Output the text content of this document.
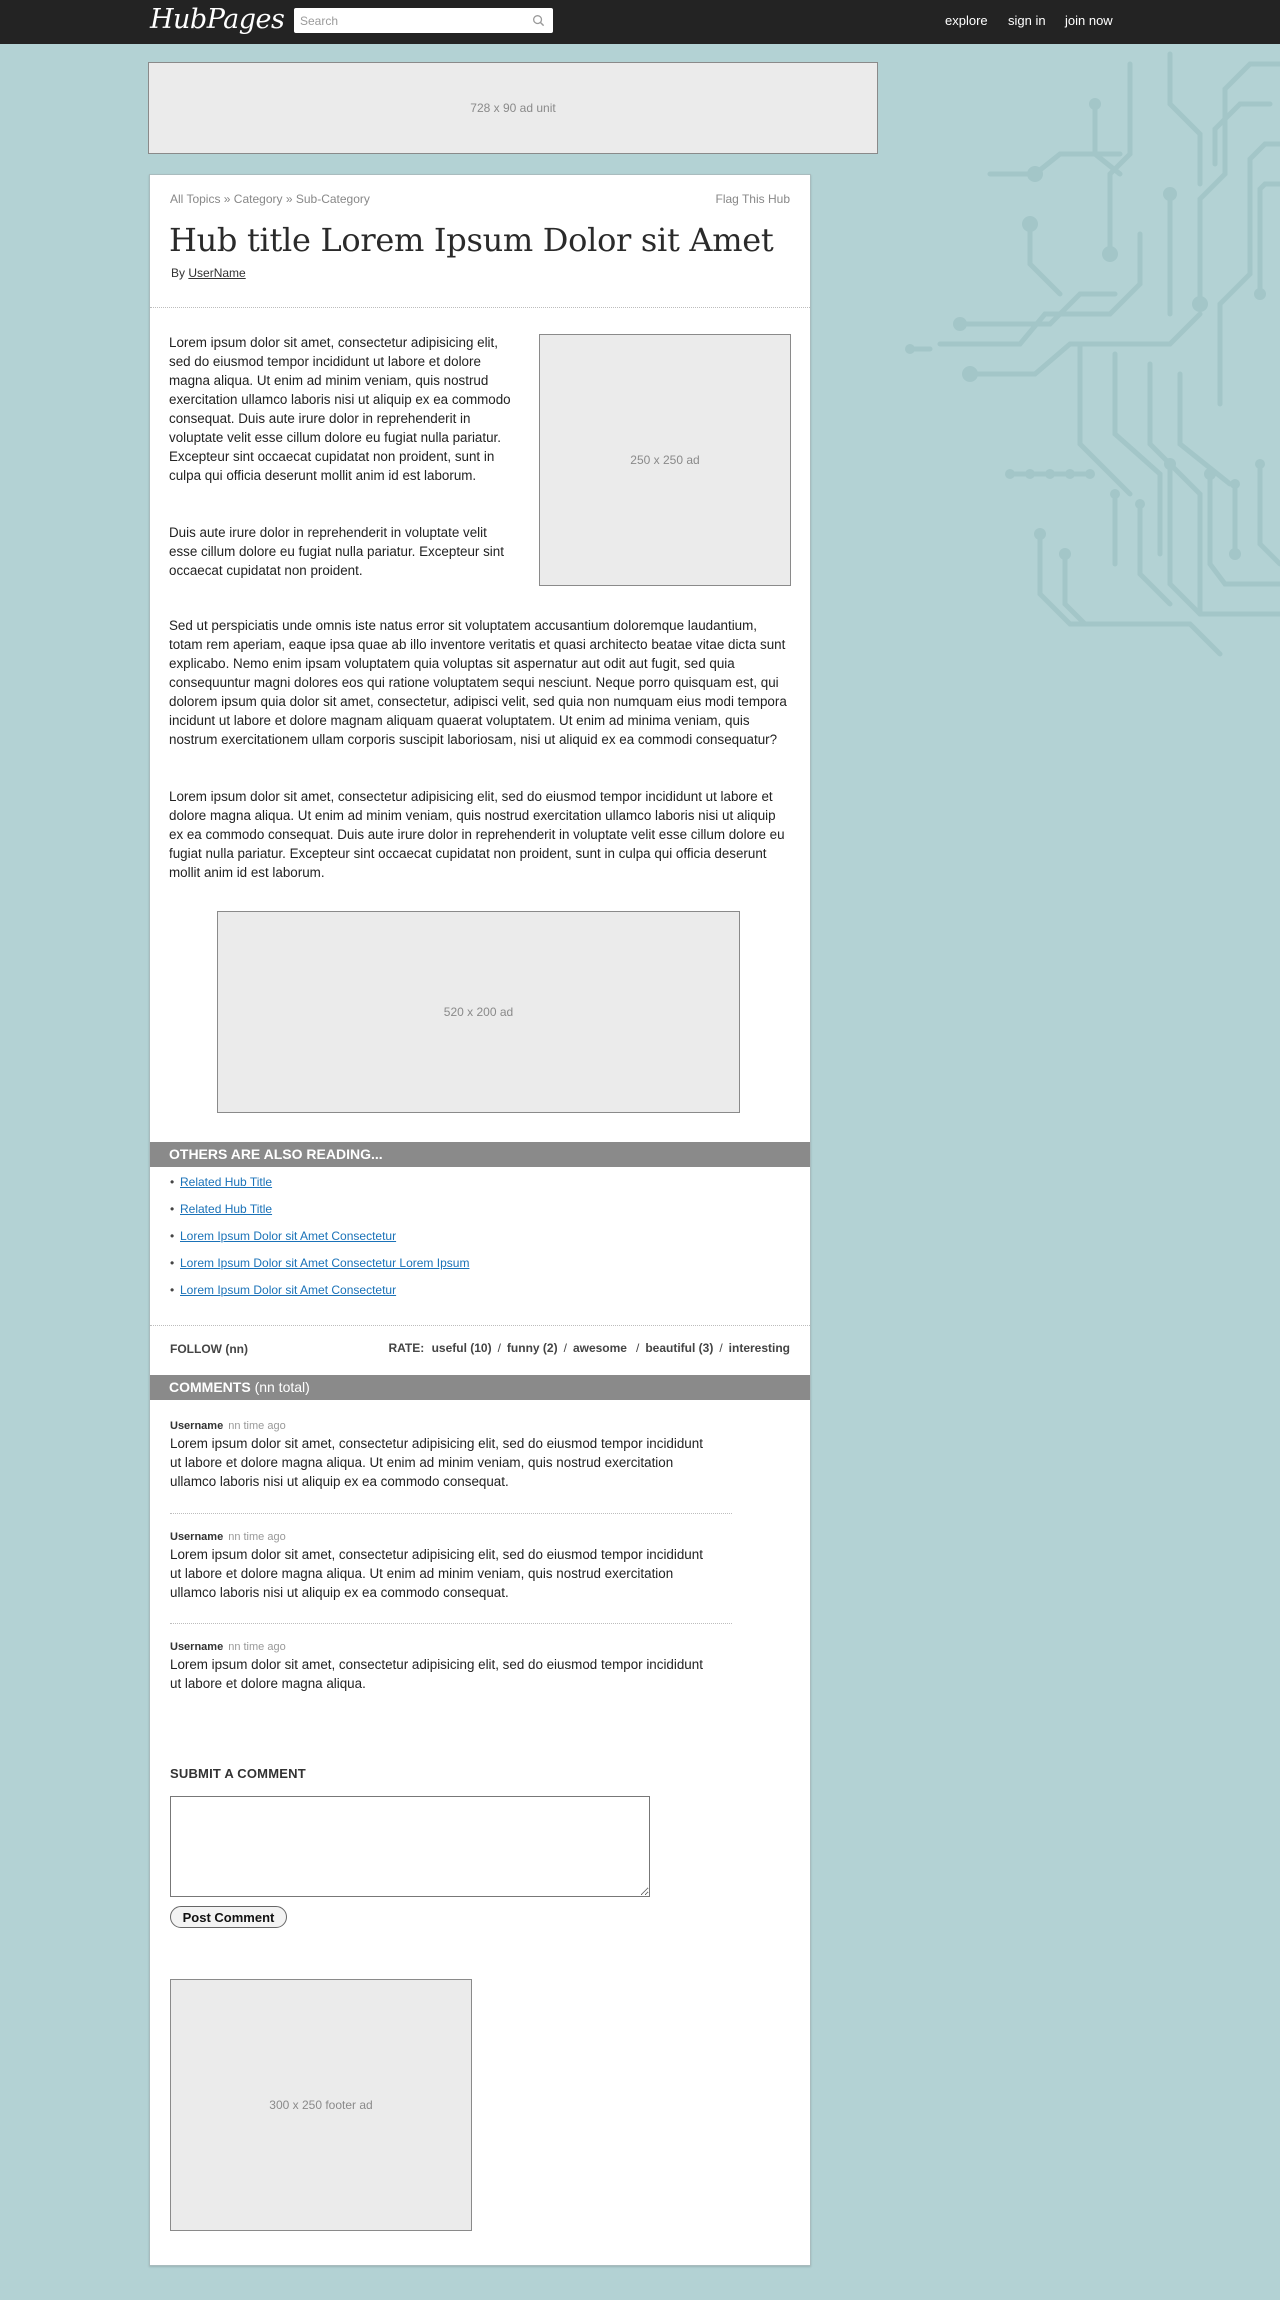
HubPages
Search	explore sign in join now
728 x 90 ad unit
All Topics » Category » Sub-Category	Flag This Hub
Hub title Lorem Ipsum Dolor sit Amet
By UserName

Lorem ipsum dolor sit amet, consectetur adipisicing elit, sed do eiusmod tempor incididunt ut labore et dolore magna aliqua. Ut enim ad minim veniam, quis nostrud exercitation ullamco laboris nisi ut aliquip ex ea commodo consequat. Duis aute irure dolor in reprehenderit in voluptate velit esse cillum dolore eu fugiat nulla pariatur. Excepteur sint occaecat cupidatat non proident, sunt in culpa qui officia deserunt mollit anim id est laborum.

Duis aute irure dolor in reprehenderit in voluptate velit esse cillum dolore eu fugiat nulla pariatur. Excepteur sint occaecat cupidatat non proident.

250 x 250 ad

Sed ut perspiciatis unde omnis iste natus error sit voluptatem accusantium doloremque laudantium, totam rem aperiam, eaque ipsa quae ab illo inventore veritatis et quasi architecto beatae vitae dicta sunt explicabo. Nemo enim ipsam voluptatem quia voluptas sit aspernatur aut odit aut fugit, sed quia consequuntur magni dolores eos qui ratione voluptatem sequi nesciunt. Neque porro quisquam est, qui dolorem ipsum quia dolor sit amet, consectetur, adipisci velit, sed quia non numquam eius modi tempora incidunt ut labore et dolore magnam aliquam quaerat voluptatem. Ut enim ad minima veniam, quis nostrum exercitationem ullam corporis suscipit laboriosam, nisi ut aliquid ex ea commodi consequatur?

Lorem ipsum dolor sit amet, consectetur adipisicing elit, sed do eiusmod tempor incididunt ut labore et dolore magna aliqua. Ut enim ad minim veniam, quis nostrud exercitation ullamco laboris nisi ut aliquip ex ea commodo consequat. Duis aute irure dolor in reprehenderit in voluptate velit esse cillum dolore eu fugiat nulla pariatur. Excepteur sint occaecat cupidatat non proident, sunt in culpa qui officia deserunt mollit anim id est laborum.

520 x 200 ad
OTHERS ARE ALSO READING...
• Related Hub Title
• Related Hub Title
• Lorem Ipsum Dolor sit Amet Consectetur
• Lorem Ipsum Dolor sit Amet Consectetur Lorem Ipsum
• Lorem Ipsum Dolor sit Amet Consectetur
FOLLOW (nn)	RATE: useful (10) / funny (2) / awesome / beautiful (3) / interesting
COMMENTS (nn total)
Username nn time ago
Lorem ipsum dolor sit amet, consectetur adipisicing elit, sed do eiusmod tempor incididunt ut labore et dolore magna aliqua. Ut enim ad minim veniam, quis nostrud exercitation ullamco laboris nisi ut aliquip ex ea commodo consequat.
Username nn time ago
Lorem ipsum dolor sit amet, consectetur adipisicing elit, sed do eiusmod tempor incididunt ut labore et dolore magna aliqua. Ut enim ad minim veniam, quis nostrud exercitation ullamco laboris nisi ut aliquip ex ea commodo consequat.
Username nn time ago
Lorem ipsum dolor sit amet, consectetur adipisicing elit, sed do eiusmod tempor incididunt ut labore et dolore magna aliqua.
SUBMIT A COMMENT
Post Comment
300 x 250 footer ad
